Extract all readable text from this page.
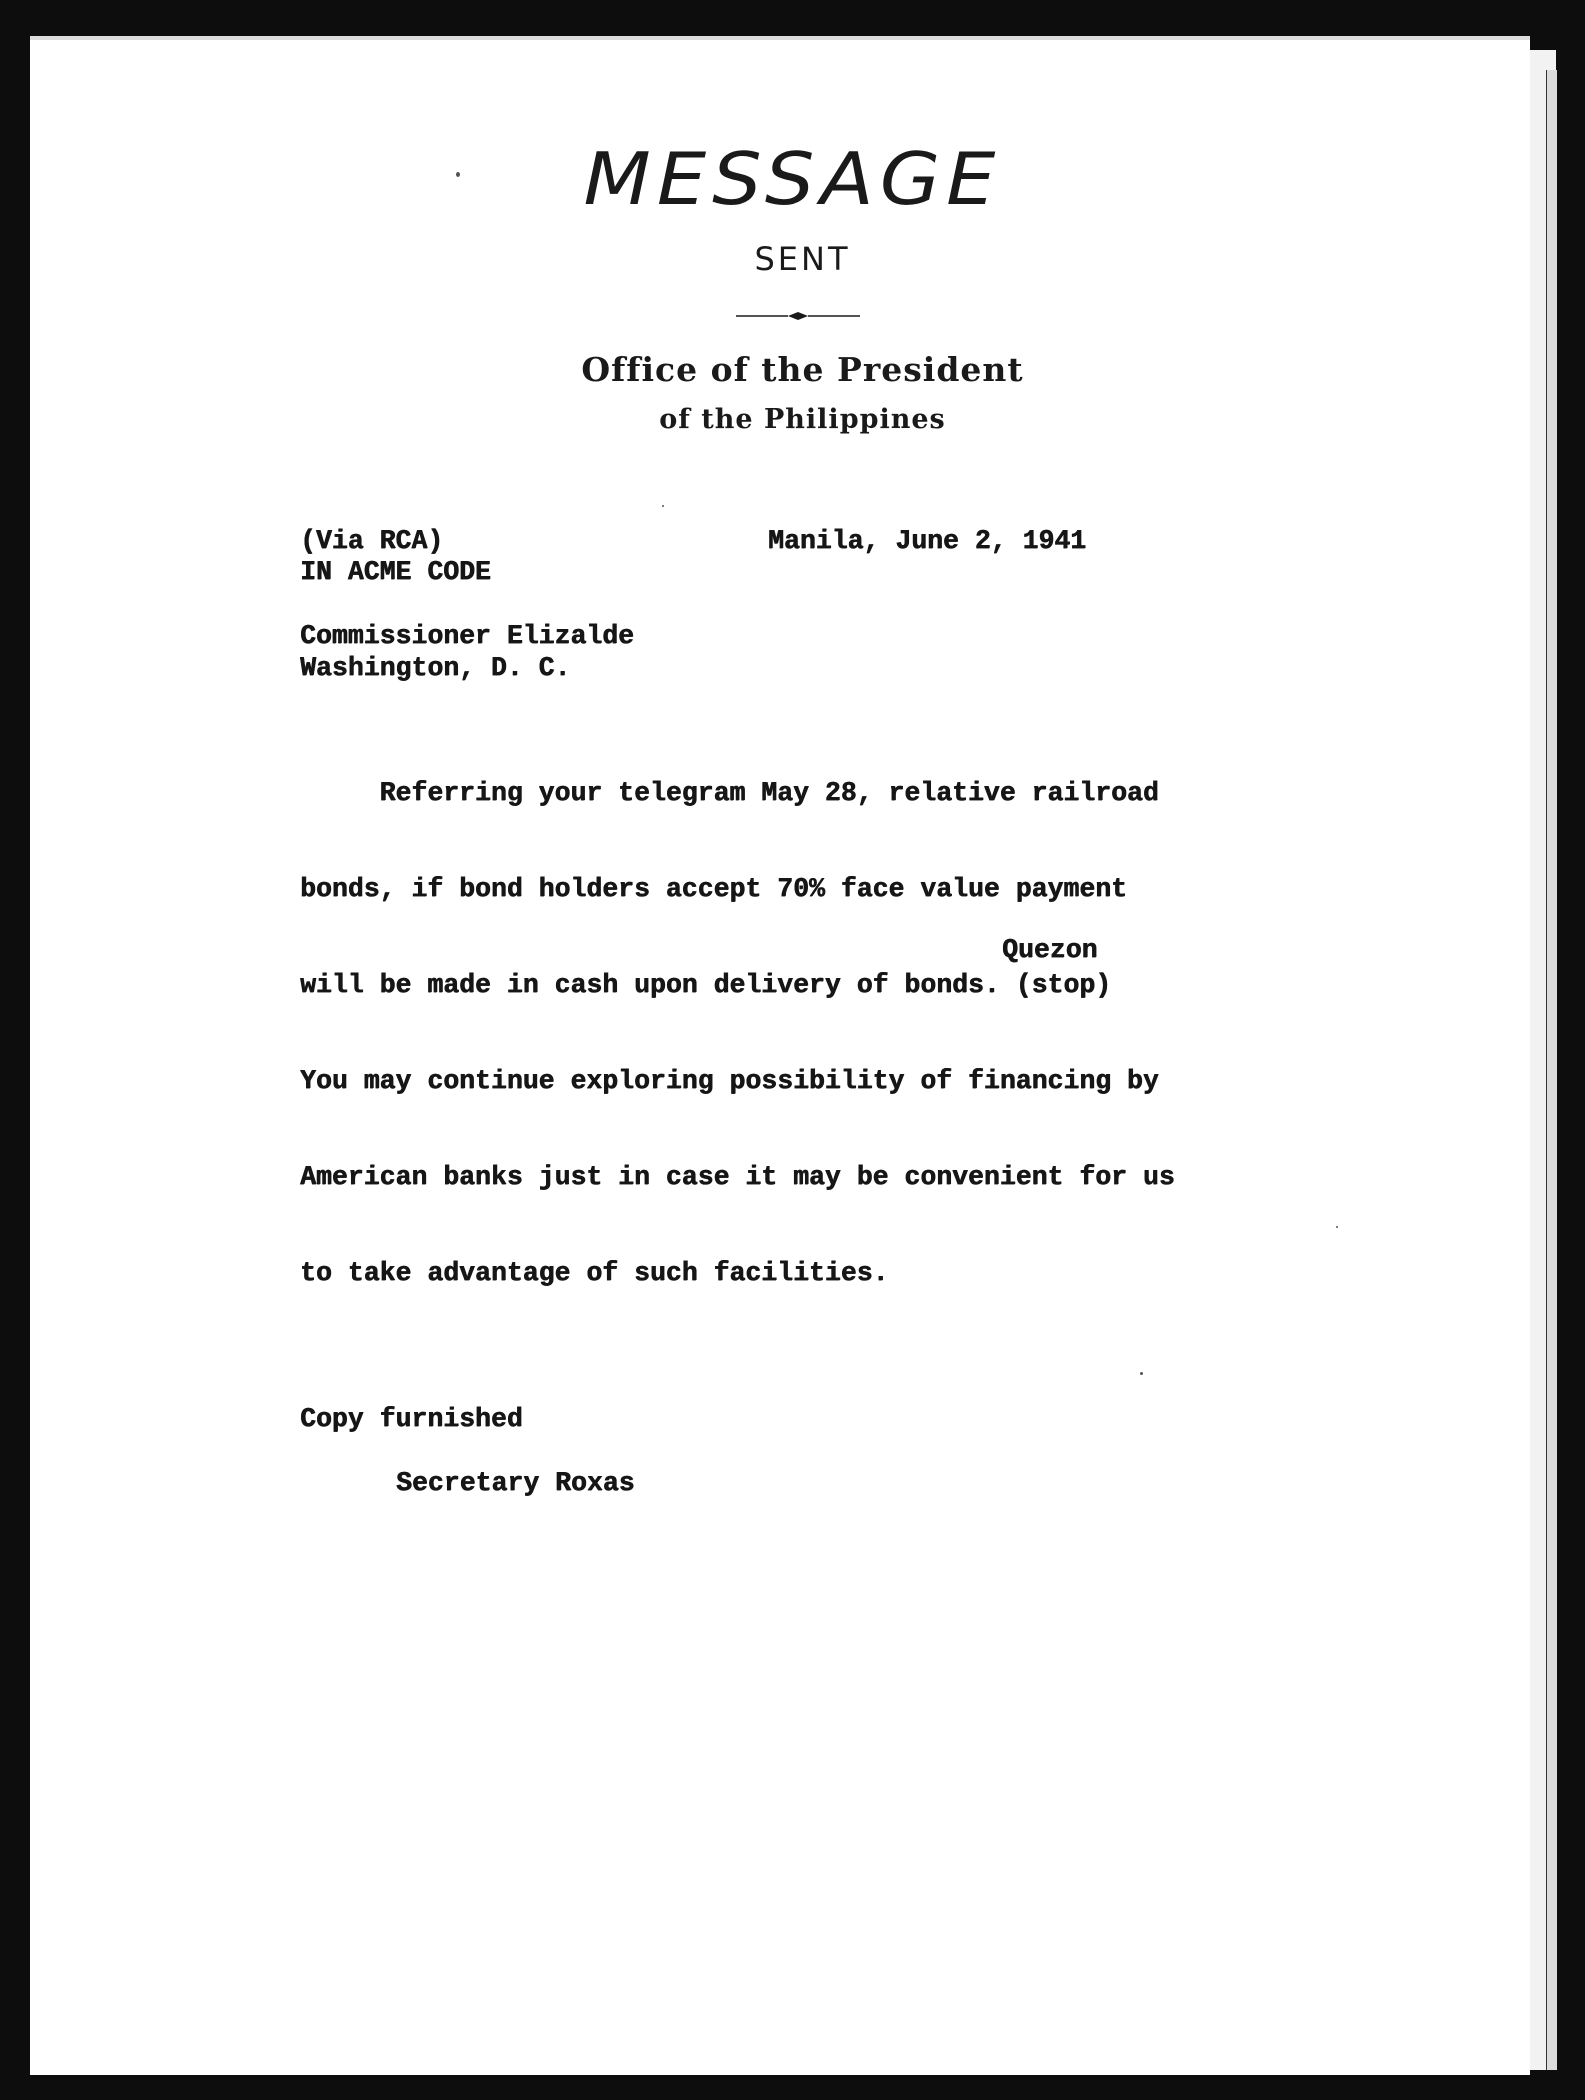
MESSAGE
SENT
Office of the President
of the Philippines
(Via RCA)
IN ACME CODE
Manila, June 2, 1941
Commissioner Elizalde
Washington, D. C.

Referring your telegram May 28, relative railroad

bonds, if bond holders accept 70% face value payment

will be made in cash upon delivery of bonds. (stop)

You may continue exploring possibility of financing by

American banks just in case it may be convenient for us

to take advantage of such facilities.

Quezon
Copy furnished
Secretary Roxas
